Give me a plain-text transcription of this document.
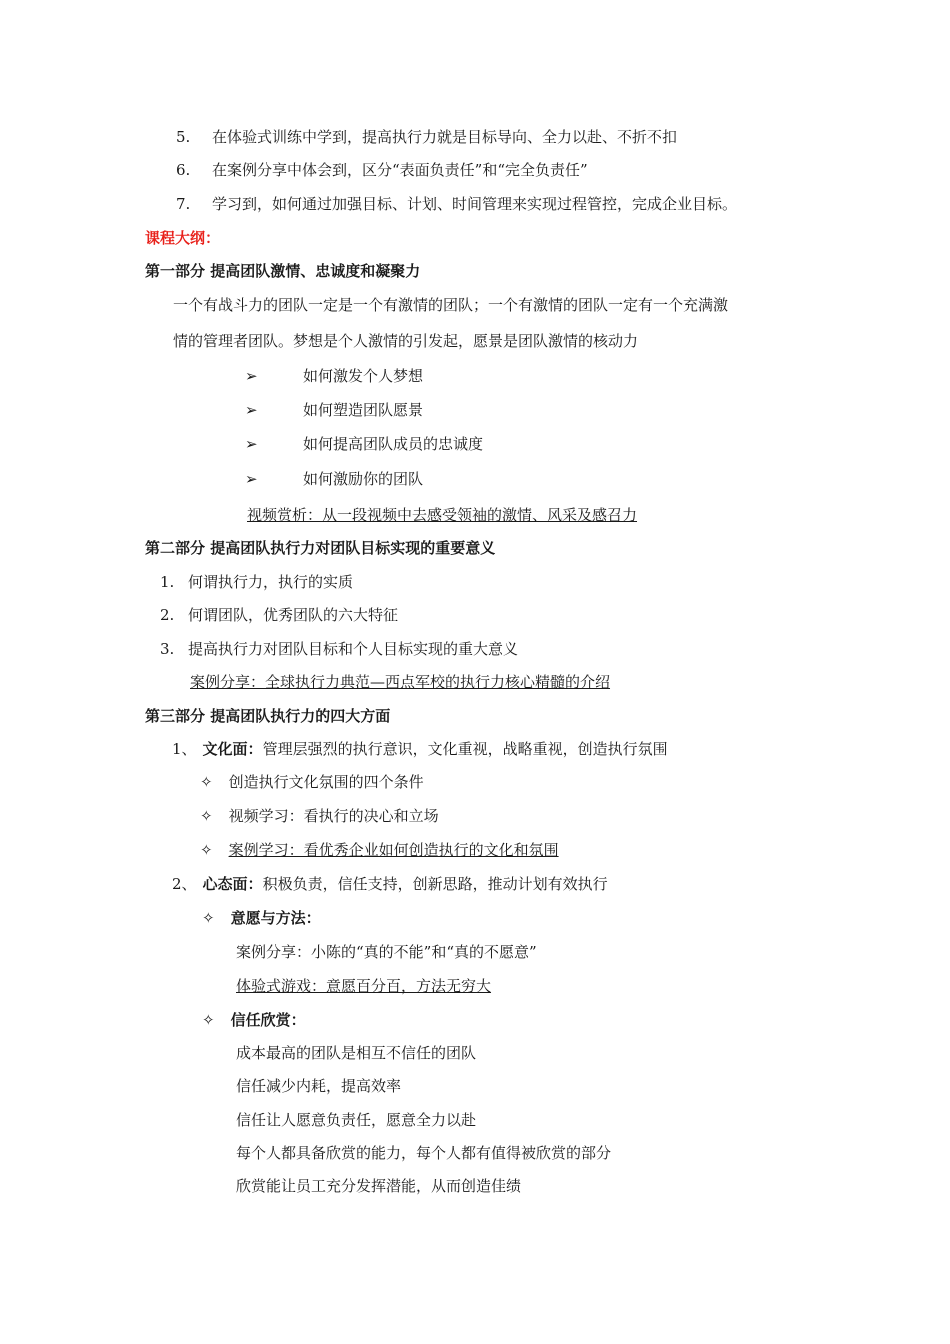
5. 在体验式训练中学到，提高执行力就是目标导向、全力以赴、不折不扣
6. 在案例分享中体会到，区分“表面负责任”和“完全负责任”
7. 学习到，如何通过加强目标、计划、时间管理来实现过程管控，完成企业目标。
课程大纲：
第一部分 提高团队激情、忠诚度和凝聚力
一个有战斗力的团队一定是一个有激情的团队；一个有激情的团队一定有一个充满激
情的管理者团队。梦想是个人激情的引发起，愿景是团队激情的核动力
➢	如何激发个人梦想
➢	如何塑造团队愿景
➢	如何提高团队成员的忠诚度
➢	如何激励你的团队
视频赏析：从一段视频中去感受领袖的激情、风采及感召力
第二部分 提高团队执行力对团队目标实现的重要意义
1. 何谓执行力，执行的实质
2. 何谓团队，优秀团队的六大特征
3. 提高执行力对团队目标和个人目标实现的重大意义
案例分享：全球执行力典范—西点军校的执行力核心精髓的介绍
第三部分 提高团队执行力的四大方面
1、 文化面：管理层强烈的执行意识，文化重视，战略重视，创造执行氛围
✧ 创造执行文化氛围的四个条件
✧ 视频学习：看执行的决心和立场
✧ 案例学习：看优秀企业如何创造执行的文化和氛围
2、 心态面：积极负责，信任支持，创新思路，推动计划有效执行
✧ 意愿与方法：
案例分享：小陈的“真的不能”和“真的不愿意”
体验式游戏：意愿百分百，方法无穷大
✧ 信任欣赏：
成本最高的团队是相互不信任的团队
信任减少内耗，提高效率
信任让人愿意负责任，愿意全力以赴
每个人都具备欣赏的能力，每个人都有值得被欣赏的部分
欣赏能让员工充分发挥潜能，从而创造佳绩
